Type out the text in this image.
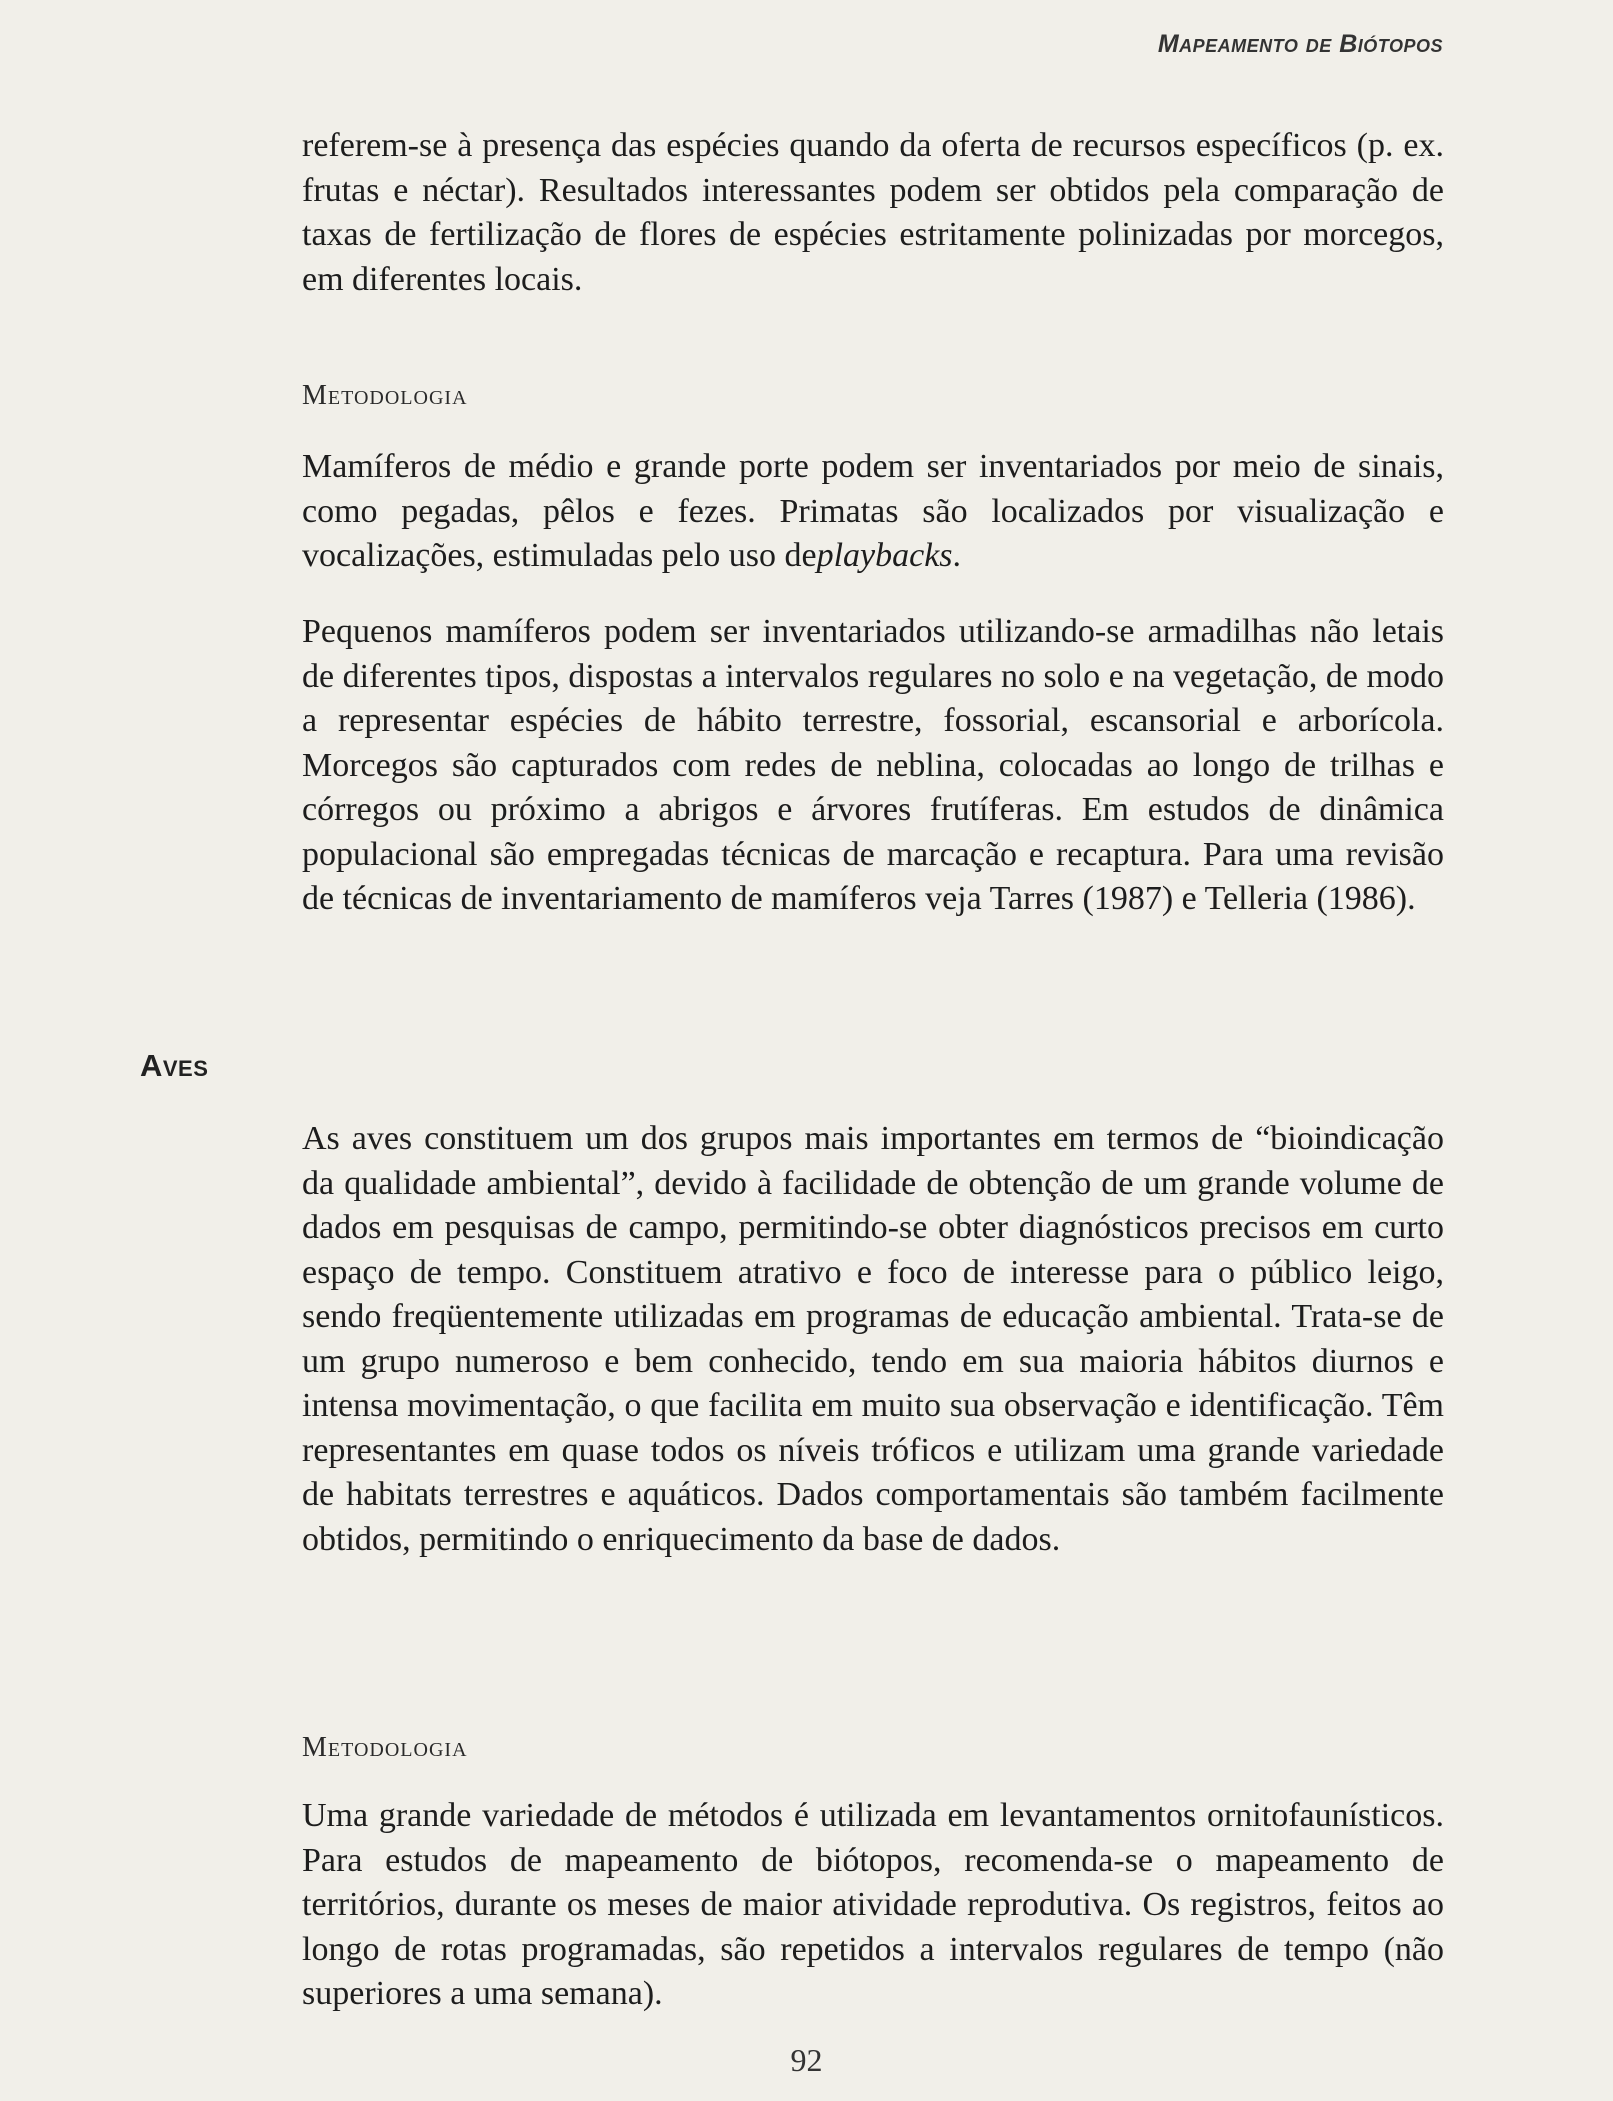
Mapeamento de Biótopos

referem-se à presença das espécies quando da oferta de recursos específicos (p. ex. frutas e néctar). Resultados interessantes podem ser obtidos pela comparação de taxas de fertilização de flores de espécies estritamente polinizadas por morcegos, em diferentes locais.

Metodologia

Mamíferos de médio e grande porte podem ser inventariados por meio de sinais, como pegadas, pêlos e fezes. Primatas são localizados por visualização e vocalizações, estimuladas pelo uso deplaybacks.

Pequenos mamíferos podem ser inventariados utilizando-se armadilhas não letais de diferentes tipos, dispostas a intervalos regulares no solo e na vegetação, de modo a representar espécies de hábito terrestre, fossorial, escansorial e arborícola. Morcegos são capturados com redes de neblina, colocadas ao longo de trilhas e córregos ou próximo a abrigos e árvores frutíferas. Em estudos de dinâmica populacional são empregadas técnicas de marcação e recaptura. Para uma revisão de técnicas de inventariamento de mamíferos veja Tarres (1987) e Telleria (1986).

Aves

As aves constituem um dos grupos mais importantes em termos de “bioindicação da qualidade ambiental”, devido à facilidade de obtenção de um grande volume de dados em pesquisas de campo, permitindo-se obter diagnósticos precisos em curto espaço de tempo. Constituem atrativo e foco de interesse para o público leigo, sendo freqüentemente utilizadas em programas de educação ambiental. Trata-se de um grupo numeroso e bem conhecido, tendo em sua maioria hábitos diurnos e intensa movimentação, o que facilita em muito sua observação e identificação. Têm representantes em quase todos os níveis tróficos e utilizam uma grande variedade de habitats terrestres e aquáticos. Dados comportamentais são também facilmente obtidos, permitindo o enriquecimento da base de dados.

Metodologia

Uma grande variedade de métodos é utilizada em levantamentos ornitofaunísticos. Para estudos de mapeamento de biótopos, recomenda-se o mapeamento de territórios, durante os meses de maior atividade reprodutiva. Os registros, feitos ao longo de rotas programadas, são repetidos a intervalos regulares de tempo (não superiores a uma semana).

92
